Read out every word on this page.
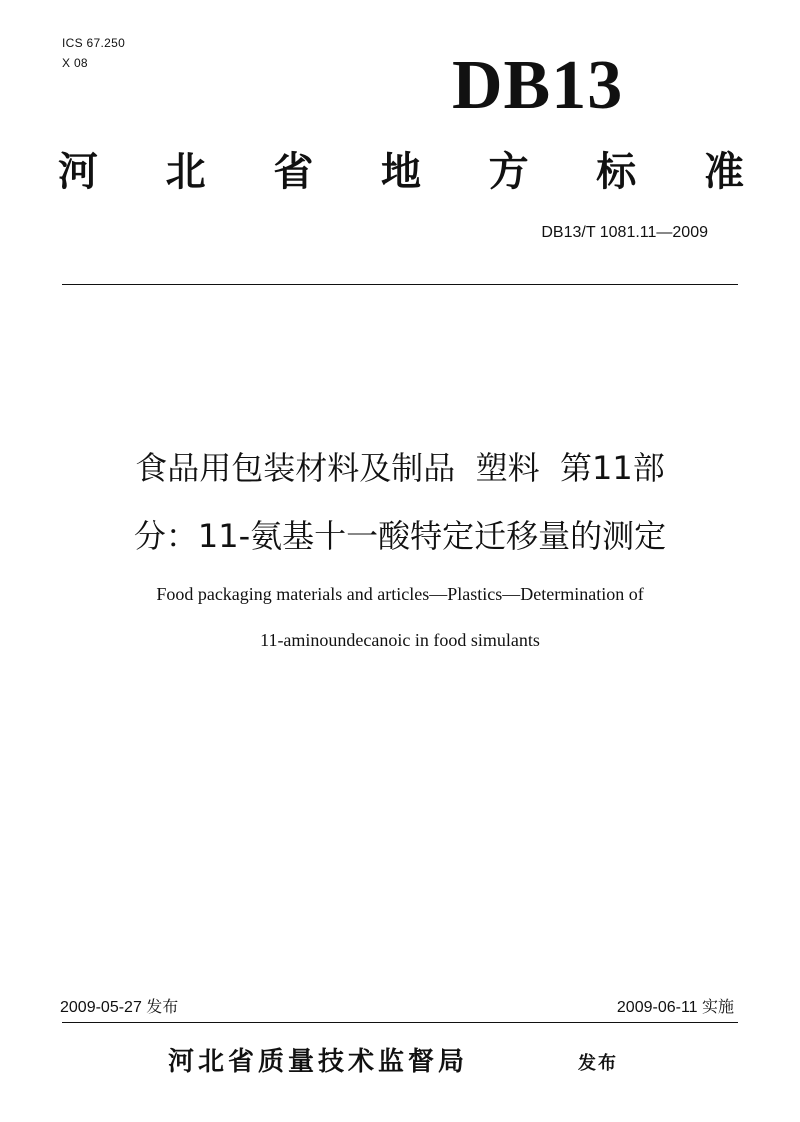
ICS 67.250
X 08	DB13
河 北 省 地 方 标 准
DB13/T 1081.11—2009
食品用包装材料及制品  塑料  第11部
分：11-氨基十一酸特定迁移量的测定
Food packaging materials and articles—Plastics—Determination of
11-aminoundecanoic in food simulants
2009-05-27 发布	2009-06-11 实施
河北省质量技术监督局	发布
